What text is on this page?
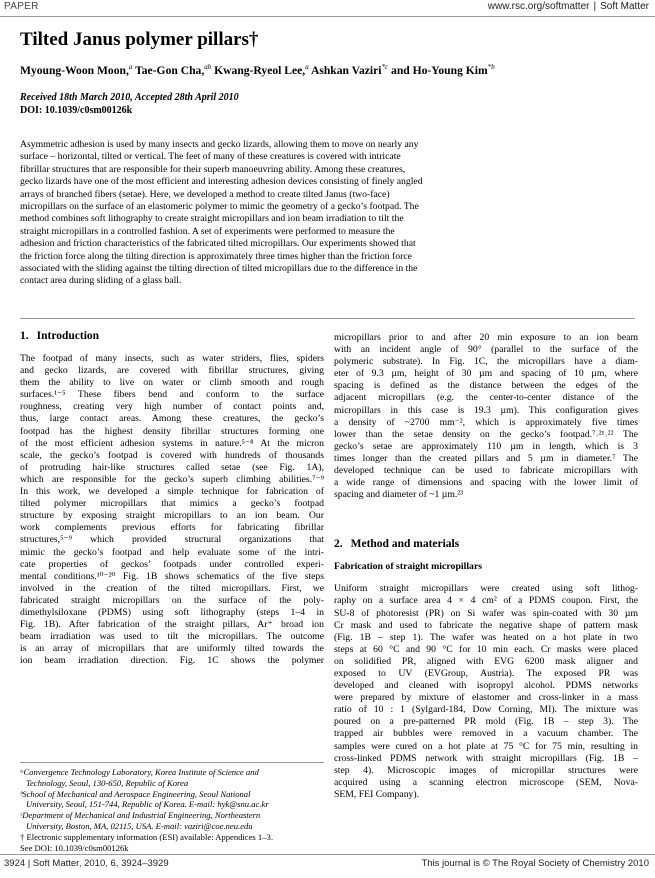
PAPER	www.rsc.org/softmatter | Soft Matter
Tilted Janus polymer pillars†
Myoung-Woon Moon,$^a$ Tae-Gon Cha,$^{ab}$ Kwang-Ryeol Lee,$^a$ Ashkan Vaziri$^{*c}$ and Ho-Young Kim$^{*b}$
Received 18th March 2010, Accepted 28th April 2010
DOI: 10.1039/c0sm00126k
Asymmetric adhesion is used by many insects and gecko lizards, allowing them to move on nearly any
surface – horizontal, tilted or vertical. The feet of many of these creatures is covered with intricate
fibrillar structures that are responsible for their superb manoeuvring ability. Among these creatures,
gecko lizards have one of the most efficient and interesting adhesion devices consisting of finely angled
arrays of branched fibers (setae). Here, we developed a method to create tilted Janus (two-face)
micropillars on the surface of an elastomeric polymer to mimic the geometry of a gecko’s footpad. The
method combines soft lithography to create straight micropillars and ion beam irradiation to tilt the
straight micropillars in a controlled fashion. A set of experiments were performed to measure the
adhesion and friction characteristics of the fabricated tilted micropillars. Our experiments showed that
the friction force along the tilting direction is approximately three times higher than the friction force
associated with the sliding against the tilting direction of tilted micropillars due to the difference in the
contact area during sliding of a glass ball.
1. Introduction
The footpad of many insects, such as water striders, flies, spiders
and gecko lizards, are covered with fibrillar structures, giving
them the ability to live on water or climb smooth and rough
surfaces.¹⁻⁵ These fibers bend and conform to the surface
roughness, creating very high number of contact points and,
thus, large contact areas. Among these creatures, the gecko’s
footpad has the highest density fibrillar structures forming one
of the most efficient adhesion systems in nature.⁵⁻⁸ At the micron
scale, the gecko’s footpad is covered with hundreds of thousands
of protruding hair-like structures called setae (see Fig. 1A),
which are responsible for the gecko’s superb climbing abilities.⁷⁻⁹
In this work, we developed a simple technique for fabrication of
tilted polymer micropillars that mimics a gecko’s footpad
structure by exposing straight micropillars to an ion beam. Our
work complements previous efforts for fabricating fibrillar
structures,⁵⁻⁹ which provided structural organizations that
mimic the gecko’s footpad and help evaluate some of the intri-
cate properties of geckos’ footpads under controlled experi-
mental conditions.¹⁰⁻²⁰ Fig. 1B shows schematics of the five steps
involved in the creation of the tilted micropillars. First, we
fabricated straight micropillars on the surface of the poly-
dimethylsiloxane (PDMS) using soft lithography (steps 1–4 in
Fig. 1B). After fabrication of the straight pillars, Ar⁺ broad ion
beam irradiation was used to tilt the micropillars. The outcome
is an array of micropillars that are uniformly tilted towards the
ion beam irradiation direction. Fig. 1C shows the polymer
micropillars prior to and after 20 min exposure to an ion beam
with an incident angle of 90° (parallel to the surface of the
polymeric substrate). In Fig. 1C, the micropillars have a diam-
eter of 9.3 µm, height of 30 µm and spacing of 10 µm, where
spacing is defined as the distance between the edges of the
adjacent micropillars (e.g. the center-to-center distance of the
micropillars in this case is 19.3 µm). This configuration gives
a density of ~2700 mm⁻², which is approximately five times
lower than the setae density on the gecko’s footpad.⁷˒²¹˒²² The
gecko’s setae are approximately 110 µm in length, which is 3
times longer than the created pillars and 5 µm in diameter.⁷ The
developed technique can be used to fabricate micropillars with
a wide range of dimensions and spacing with the lower limit of
spacing and diameter of ~1 µm.²³
2. Method and materials
Fabrication of straight micropillars
Uniform straight micropillars were created using soft lithog-
raphy on a surface area 4 × 4 cm² of a PDMS coupon. First, the
SU-8 of photoresist (PR) on Si wafer was spin-coated with 30 µm
Cr mask and used to fabricate the negative shape of pattern mask
(Fig. 1B – step 1). The wafer was heated on a hot plate in two
steps at 60 °C and 90 °C for 10 min each. Cr masks were placed
on solidified PR, aligned with EVG 6200 mask aligner and
exposed to UV (EVGroup, Austria). The exposed PR was
developed and cleaned with isopropyl alcohol. PDMS networks
were prepared by mixture of elastomer and cross-linker in a mass
ratio of 10 : 1 (Sylgard-184, Dow Corning, MI). The mixture was
poured on a pre-patterned PR mold (Fig. 1B – step 3). The
trapped air bubbles were removed in a vacuum chamber. The
samples were cured on a hot plate at 75 °C for 75 min, resulting in
cross-linked PDMS network with straight micropillars (Fig. 1B –
step 4). Microscopic images of micropillar structures were
acquired using a scanning electron microscope (SEM, Nova-
SEM, FEI Company).
ᵃConvergence Technology Laboratory, Korea Institute of Science and
Technology, Seoul, 130-650, Republic of Korea
ᵇSchool of Mechanical and Aerospace Engineering, Seoul National
University, Seoul, 151-744, Republic of Korea. E-mail: hyk@snu.ac.kr
ᶜDepartment of Mechanical and Industrial Engineering, Northeastern
University, Boston, MA, 02115, USA. E-mail: vaziri@coe.neu.edu
† Electronic supplementary information (ESI) available: Appendices 1–3.
See DOI: 10.1039/c0sm00126k
3924 | Soft Matter, 2010, 6, 3924–3929	This journal is © The Royal Society of Chemistry 2010
